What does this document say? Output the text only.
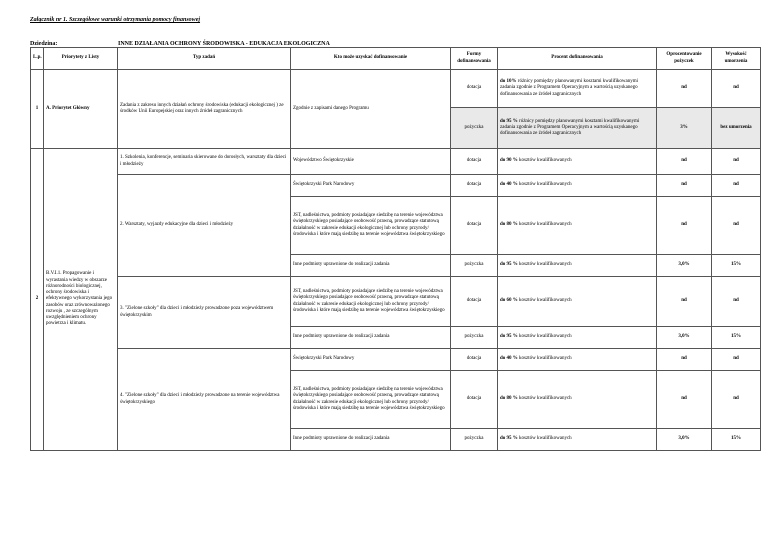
Załącznik nr 1. Szczegółowe warunki otrzymania pomocy finansowej
Dziedzina:	INNE DZIAŁANIA OCHRONY ŚRODOWISKA - EDUKACJA EKOLOGICZNA
L.p.	Priorytety z Listy	Typ zadań	Kto może uzyskać dofinansowanie	Formy dofinansowania	Procent dofinansowania	Oprocentowanie pożyczek	Wysokość umorzenia
1	A. Priorytet Główny	Zadania z zakresu innych działań ochrony środowiska (edukacji ekologicznej ) ze środków Unii Europejskiej oraz innych źródeł zagranicznych	Zgodnie z zapisami danego Programu	dotacja	do 10% różnicy pomiędzy planowanymi kosztami kwalifikowanymi zadania zgodnie z Programem Operacyjnym a wartością uzyskanego dofinansowania ze źródeł zagranicznych	nd	nd
				pożyczka	do 95 % różnicy pomiędzy planowanymi kosztami kwalifikowanymi zadania zgodnie z Programem Operacyjnym a wartością uzyskanego dofinansowania ze źródeł zagranicznych	3%	bez umorzenia
2	B.V.I.1. Propagowanie i wyrastania wiedzy w obszarze różnorodności biologicznej, ochrony środowiska i efektywnego wykorzystania jego zasobów oraz zrównoważonego rozwoju , ze szczególnym uwzględnieniem ochrony powietrza i klimatu.	1. Szkolenia, konferencje, seminaria skierowane do dorosłych, warsztaty dla dzieci i młodzieży	Województwo Świętokrzyskie	dotacja	do 90 % kosztów kwalifikowanych	nd	nd
		2. Warsztaty, wyjazdy edukacyjne dla dzieci i młodzieży	Świętokrzyski Park Narodowy	dotacja	do 40 % kosztów kwalifikowanych	nd	nd
			JST, nadleśnictwa, podmioty posiadające siedzibę na terenie województwa świętokrzyskiego posiadające osobowość prawną, prowadzące statutową działalność w zakresie edukacji ekologicznej lub ochrony przyrody/środowiska i które mają siedzibę na terenie województwa świętokrzyskiego	dotacja	do 80 % kosztów kwalifikowanych	nd	nd
			Inne podmioty uprawnione do realizacji zadania	pożyczka	do 95 % kosztów kwalifikowanych	3,0%	15%
		3. "Zielone szkoły" dla dzieci i młodzieży prowadzone poza województwem świętokrzyskim	JST, nadleśnictwa, podmioty posiadające siedzibę na terenie województwa świętokrzyskiego posiadające osobowość prawną, prowadzące statutową działalność w zakresie edukacji ekologicznej lub ochrony przyrody/środowiska i które mają siedzibę na terenie województwa świętokrzyskiego	dotacja	do 60 % kosztów kwalifikowanych	nd	nd
			Inne podmioty uprawnione do realizacji zadania	pożyczka	do 95 % kosztów kwalifikowanych	3,0%	15%
		4. "Zielone szkoły" dla dzieci i młodzieży prowadzone na terenie województwa świętokrzyskiego	Świętokrzyski Park Narodowy	dotacja	do 40 % kosztów kwalifikowanych	nd	nd
			JST, nadleśnictwa, podmioty posiadające siedzibę na terenie województwa świętokrzyskiego posiadające osobowość prawną, prowadzące statutową działalność w zakresie edukacji ekologicznej lub ochrony przyrody/środowiska i które mają siedzibę na terenie województwa świętokrzyskiego	dotacja	do 80 % kosztów kwalifikowanych	nd	nd
			Inne podmioty uprawnione do realizacji zadania	pożyczka	do 95 % kosztów kwalifikowanych	3,0%	15%
